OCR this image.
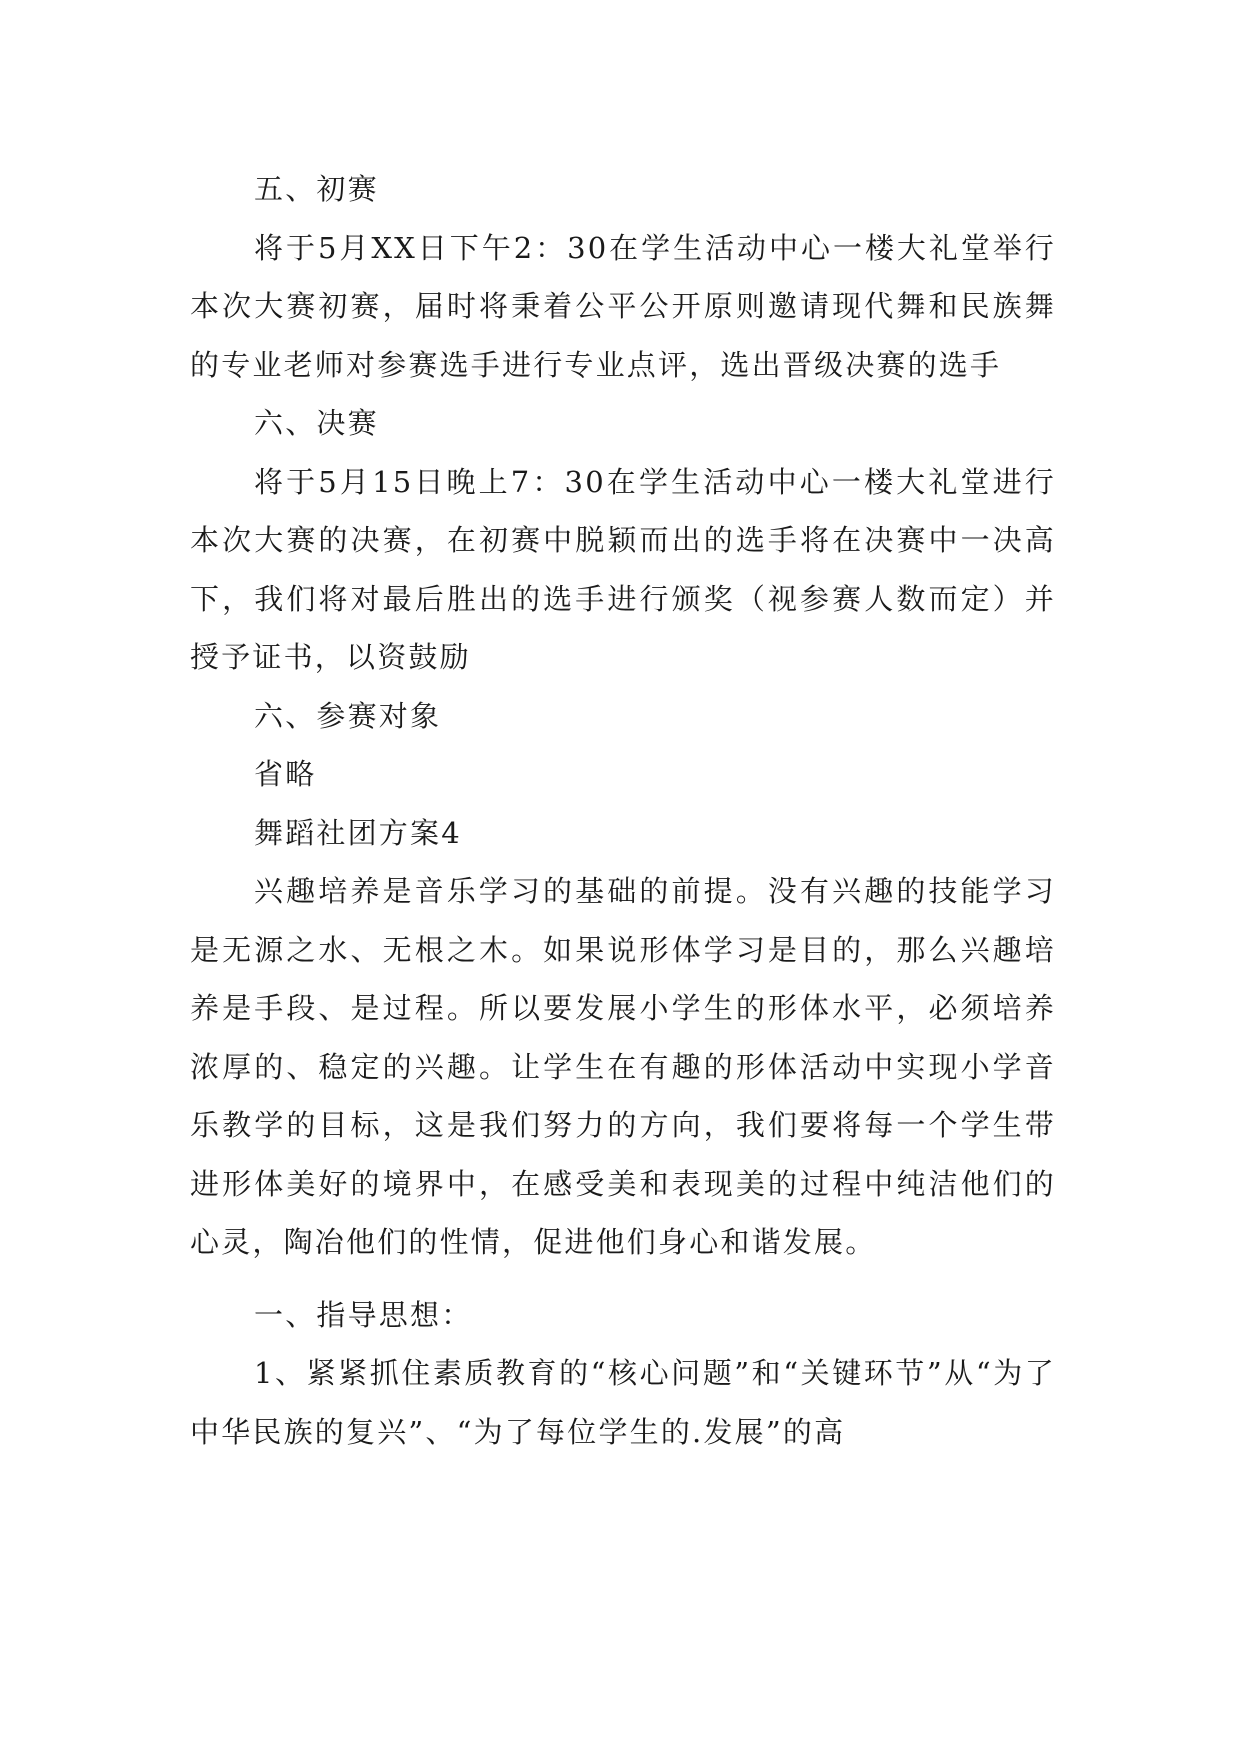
五、初赛

将于5月XX日下午2：30在学生活动中心一楼大礼堂举行本次大赛初赛，届时将秉着公平公开原则邀请现代舞和民族舞的专业老师对参赛选手进行专业点评，选出晋级决赛的选手

六、决赛

将于5月15日晚上7：30在学生活动中心一楼大礼堂进行本次大赛的决赛，在初赛中脱颖而出的选手将在决赛中一决高下，我们将对最后胜出的选手进行颁奖（视参赛人数而定）并授予证书，以资鼓励

六、参赛对象

省略

舞蹈社团方案4

兴趣培养是音乐学习的基础的前提。没有兴趣的技能学习是无源之水、无根之木。如果说形体学习是目的，那么兴趣培养是手段、是过程。所以要发展小学生的形体水平，必须培养浓厚的、稳定的兴趣。让学生在有趣的形体活动中实现小学音乐教学的目标，这是我们努力的方向，我们要将每一个学生带进形体美好的境界中，在感受美和表现美的过程中纯洁他们的心灵，陶冶他们的性情，促进他们身心和谐发展。

一、指导思想：

1、紧紧抓住素质教育的“核心问题”和“关键环节”从“为了中华民族的复兴”、“为了每位学生的.发展”的高
